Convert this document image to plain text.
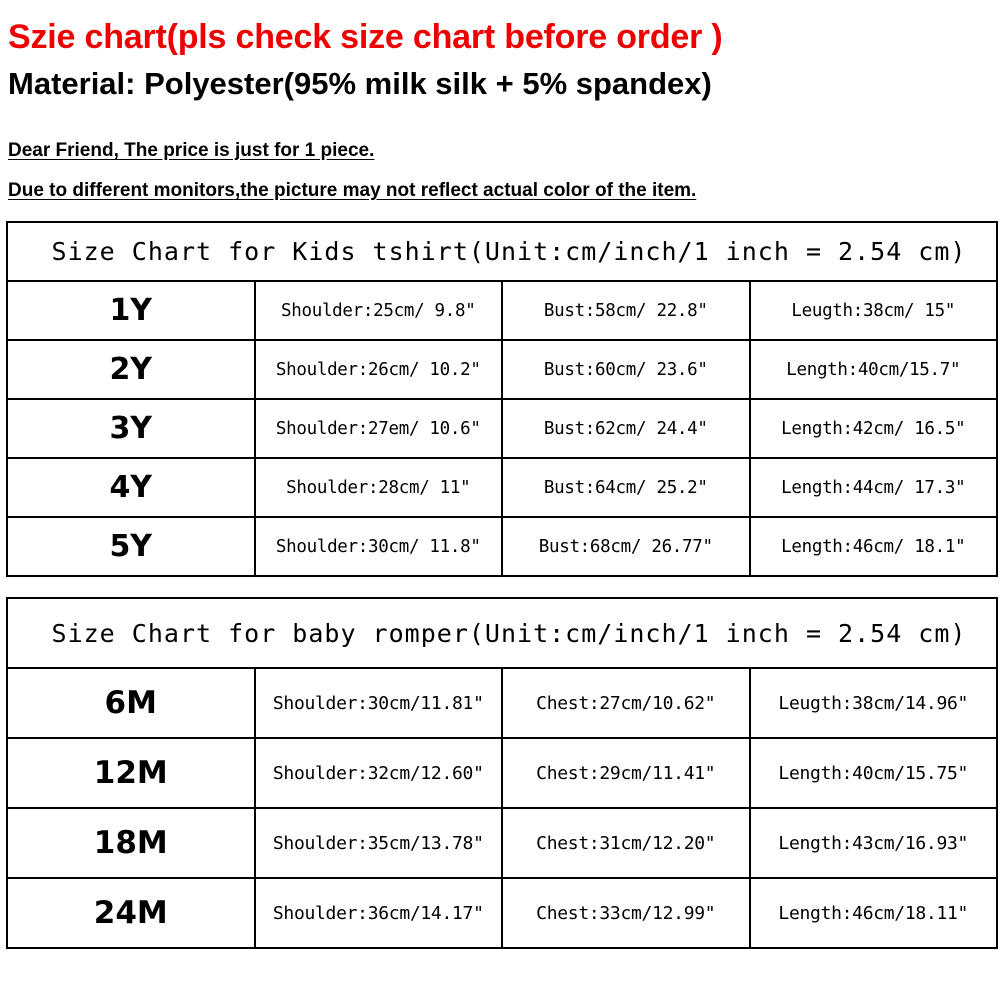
Szie chart(pls check size chart before order )
Material: Polyester(95% milk silk + 5% spandex)
Dear Friend, The price is just for 1 piece.
Due to different monitors,the picture may not reflect actual color of the item.
Size Chart for Kids tshirt(Unit:cm/inch/1 inch = 2.54 cm)			
1Y	Shoulder:25cm/ 9.8"	Bust:58cm/ 22.8"	Leugth:38cm/ 15"
2Y	Shoulder:26cm/ 10.2"	Bust:60cm/ 23.6"	Length:40cm/15.7"
3Y	Shoulder:27em/ 10.6"	Bust:62cm/ 24.4"	Length:42cm/ 16.5"
4Y	Shoulder:28cm/ 11"	Bust:64cm/ 25.2"	Length:44cm/ 17.3"
5Y	Shoulder:30cm/ 11.8"	Bust:68cm/ 26.77"	Length:46cm/ 18.1"
Size Chart for baby romper(Unit:cm/inch/1 inch = 2.54 cm)			
6M	Shoulder:30cm/11.81"	Chest:27cm/10.62"	Leugth:38cm/14.96"
12M	Shoulder:32cm/12.60"	Chest:29cm/11.41"	Length:40cm/15.75"
18M	Shoulder:35cm/13.78"	Chest:31cm/12.20"	Length:43cm/16.93"
24M	Shoulder:36cm/14.17"	Chest:33cm/12.99"	Length:46cm/18.11"
